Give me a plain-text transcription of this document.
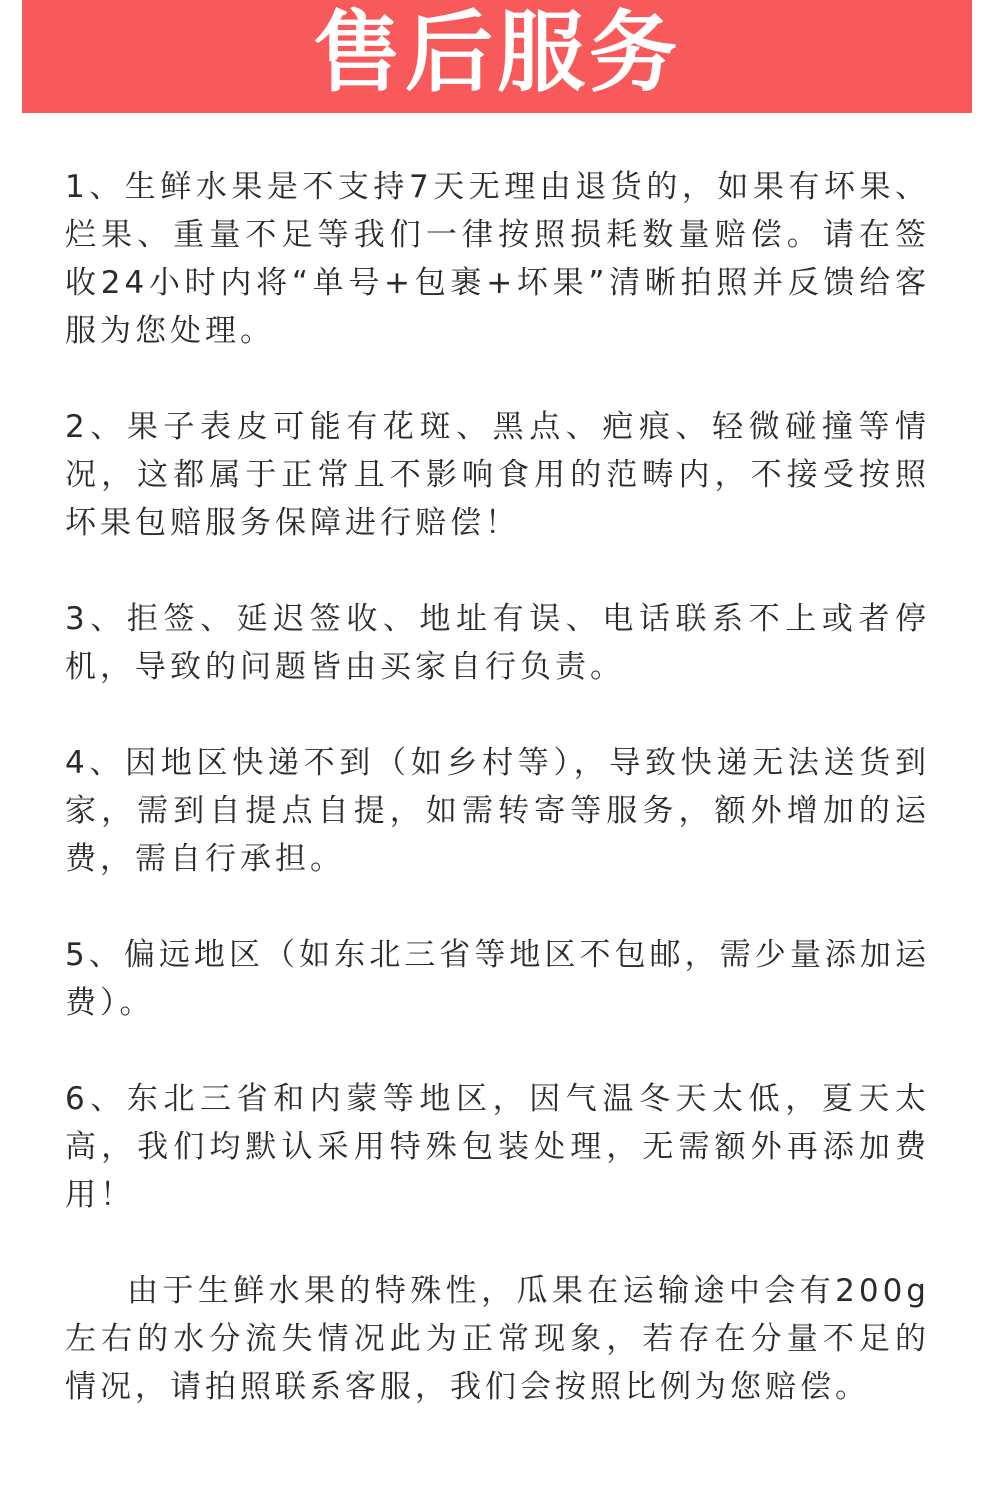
售后服务

1、生鲜水果是不支持7天无理由退货的，如果有坏果、烂果、重量不足等我们一律按照损耗数量赔偿。请在签收24小时内将“单号+包裹+坏果”清晰拍照并反馈给客服为您处理。

2、果子表皮可能有花斑、黑点、疤痕、轻微碰撞等情况，这都属于正常且不影响食用的范畴内，不接受按照坏果包赔服务保障进行赔偿！

3、拒签、延迟签收、地址有误、电话联系不上或者停机，导致的问题皆由买家自行负责。

4、因地区快递不到（如乡村等），导致快递无法送货到家，需到自提点自提，如需转寄等服务，额外增加的运费，需自行承担。

5、偏远地区（如东北三省等地区不包邮，需少量添加运费）。

6、东北三省和内蒙等地区，因气温冬天太低，夏天太高，我们均默认采用特殊包装处理，无需额外再添加费用！

由于生鲜水果的特殊性，瓜果在运输途中会有200g左右的水分流失情况此为正常现象，若存在分量不足的情况，请拍照联系客服，我们会按照比例为您赔偿。
